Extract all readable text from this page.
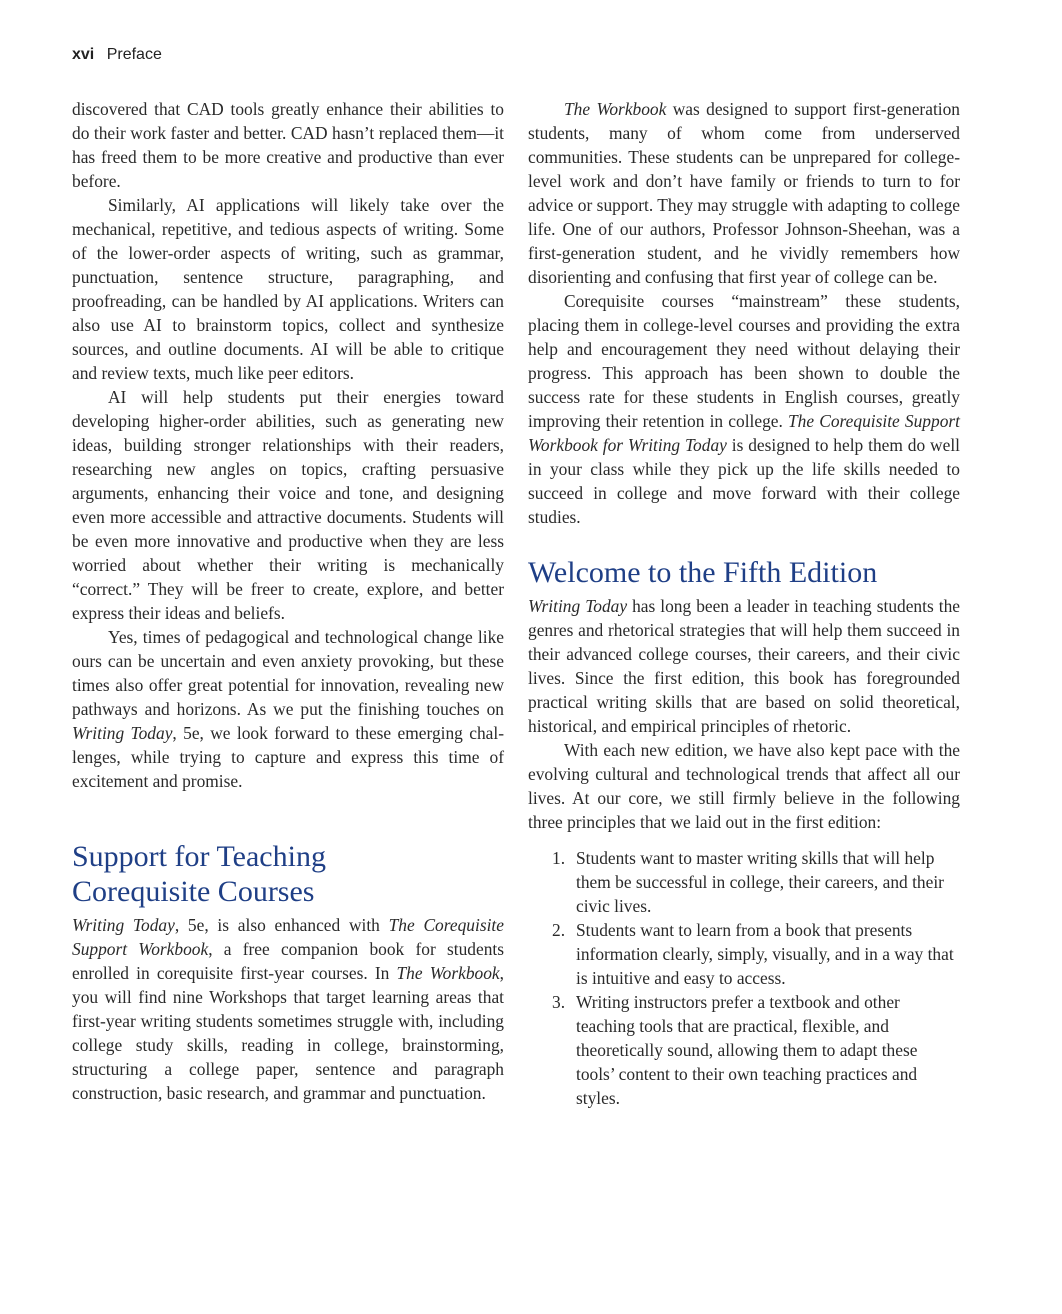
xvi Preface

discovered that CAD tools greatly enhance their abilities to do their work faster and better. CAD hasn’t replaced them—it has freed them to be more creative and productive than ever before.

Similarly, AI applications will likely take over the mechanical, repetitive, and tedious aspects of writing. Some of the lower-order aspects of writing, such as grammar, punctuation, sentence structure, paragraphing, and proofreading, can be handled by AI applications. Writers can also use AI to brainstorm topics, collect and synthesize sources, and outline documents. AI will be able to critique and review texts, much like peer editors.

AI will help students put their energies toward developing higher-order abilities, such as generating new ideas, building stronger relationships with their readers, researching new angles on topics, crafting persuasive arguments, enhancing their voice and tone, and designing even more accessible and attractive documents. Students will be even more innovative and productive when they are less worried about whether their writing is mechanically “correct.” They will be freer to create, explore, and better express their ideas and beliefs.

Yes, times of pedagogical and technological change like ours can be uncertain and even anxiety provoking, but these times also offer great potential for innovation, revealing new pathways and horizons. As we put the finishing touches on Writing Today, 5e, we look forward to these emerging challenges, while trying to capture and express this time of excitement and promise.

Support for Teaching
Corequisite Courses

Writing Today, 5e, is also enhanced with The Corequisite Support Workbook, a free companion book for students enrolled in corequisite first-year courses. In The Workbook, you will find nine Workshops that target learning areas that first-year writing students sometimes struggle with, including college study skills, reading in college, brainstorming, structuring a college paper, sentence and paragraph construction, basic research, and grammar and punctuation.

The Workbook was designed to support first-generation students, many of whom come from underserved communities. These students can be unprepared for college-level work and don’t have family or friends to turn to for advice or support. They may struggle with adapting to college life. One of our authors, Professor Johnson-Sheehan, was a first-generation student, and he vividly remembers how disorienting and confusing that first year of college can be.

Corequisite courses “mainstream” these students, placing them in college-level courses and providing the extra help and encouragement they need without delaying their progress. This approach has been shown to double the success rate for these students in English courses, greatly improving their retention in college. The Corequisite Support Workbook for Writing Today is designed to help them do well in your class while they pick up the life skills needed to succeed in college and move forward with their college studies.

Welcome to the Fifth Edition

Writing Today has long been a leader in teaching students the genres and rhetorical strategies that will help them succeed in their advanced college courses, their careers, and their civic lives. Since the first edition, this book has foregrounded practical writing skills that are based on solid theoretical, historical, and empirical principles of rhetoric.

With each new edition, we have also kept pace with the evolving cultural and technological trends that affect all our lives. At our core, we still firmly believe in the following three principles that we laid out in the first edition:

1. Students want to master writing skills that will help them be successful in college, their careers, and their civic lives.
2. Students want to learn from a book that presents information clearly, simply, visually, and in a way that is intuitive and easy to access.
3. Writing instructors prefer a textbook and other teaching tools that are practical, flexible, and theoretically sound, allowing them to adapt these tools’ content to their own teaching practices and styles.
